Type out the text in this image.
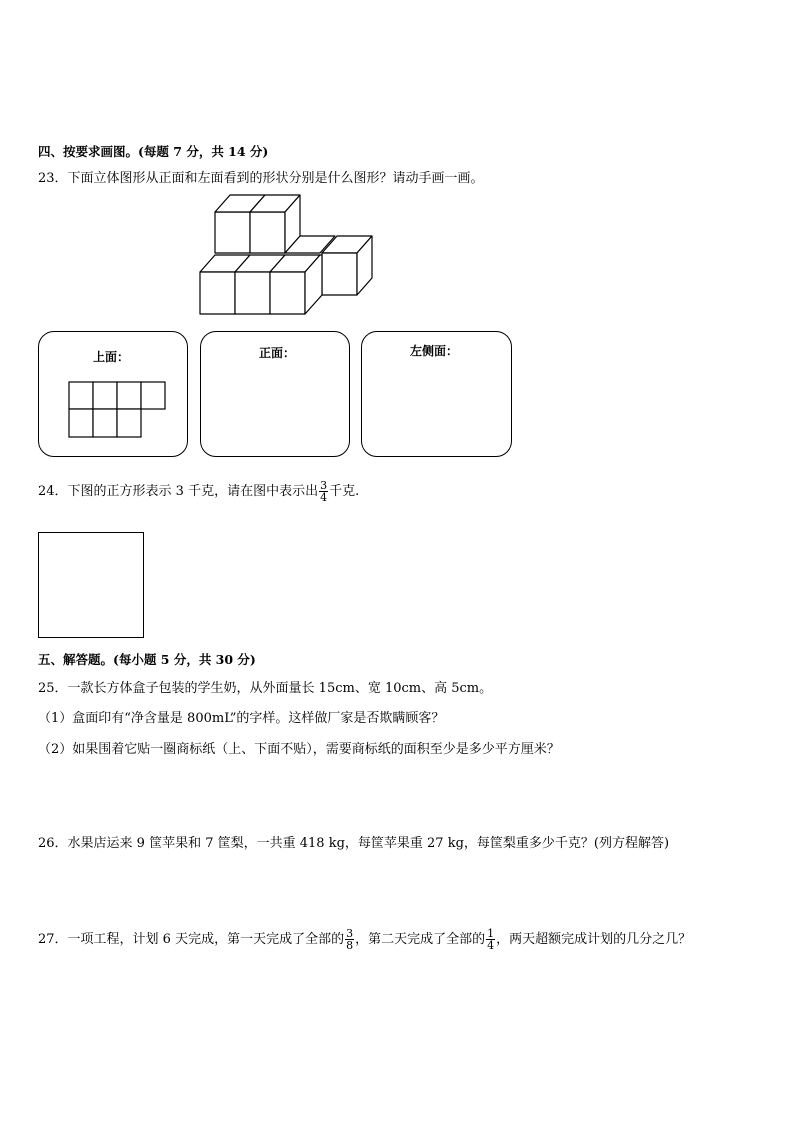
四、按要求画图。(每题 7 分，共 14 分)
23．下面立体图形从正面和左面看到的形状分别是什么图形？请动手画一画。
上面：	正面：	左侧面：
24．下图的正方形表示 3 千克，请在图中表示出 $\frac{3}{4}$ 千克.
五、解答题。(每小题 5 分，共 30 分)
25．一款长方体盒子包装的学生奶，从外面量长 15cm、宽 10cm、高 5cm。
（1）盒面印有“净含量是 800mL”的字样。这样做厂家是否欺瞒顾客？
（2）如果围着它贴一圈商标纸（上、下面不贴），需要商标纸的面积至少是多少平方厘米？
26．水果店运来 9 筐苹果和 7 筐梨，一共重 418 kg，每筐苹果重 27 kg，每筐梨重多少千克？(列方程解答)
27．一项工程，计划 6 天完成，第一天完成了全部的 $\frac{3}{8}$ ，第二天完成了全部的 $\frac{1}{4}$ ，两天超额完成计划的几分之几？
